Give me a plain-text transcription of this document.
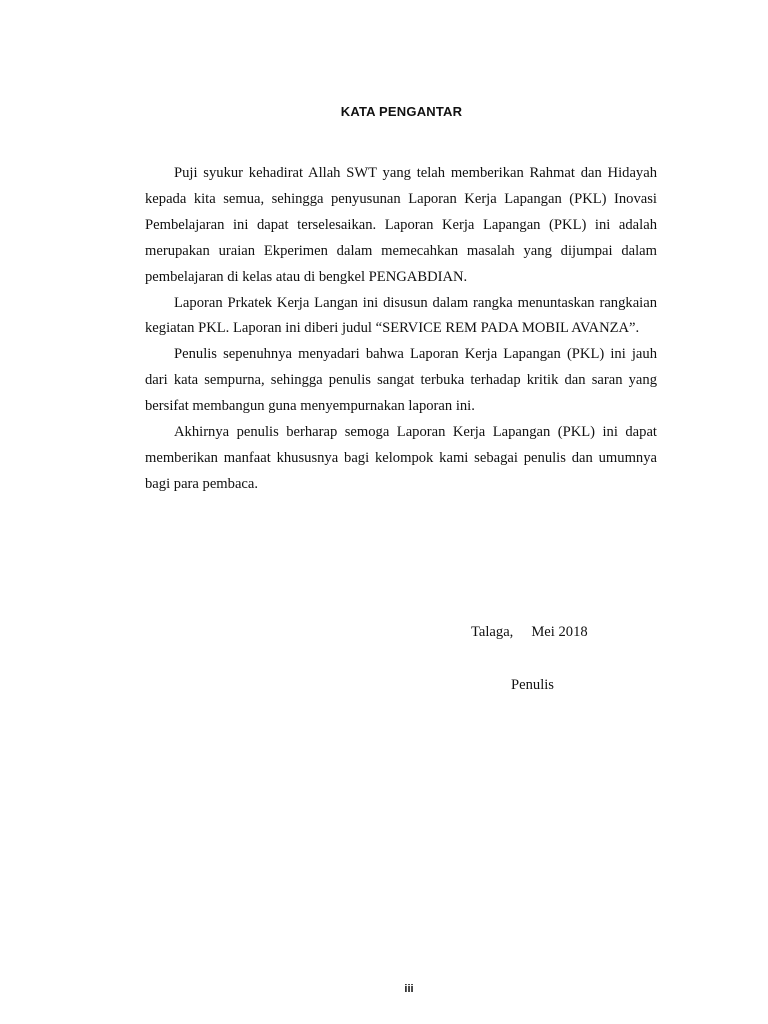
KATA PENGANTAR

Puji syukur kehadirat Allah SWT yang telah memberikan Rahmat dan Hidayah kepada kita semua, sehingga penyusunan Laporan Kerja Lapangan (PKL) Inovasi Pembelajaran ini dapat terselesaikan. Laporan Kerja Lapangan (PKL) ini adalah merupakan uraian Ekperimen dalam memecahkan masalah yang dijumpai dalam pembelajaran di kelas atau di bengkel PENGABDIAN.

Laporan Prkatek Kerja Langan ini disusun dalam rangka menuntaskan rangkaian kegiatan PKL. Laporan ini diberi judul “SERVICE REM PADA MOBIL AVANZA”.

Penulis sepenuhnya menyadari bahwa Laporan Kerja Lapangan (PKL) ini jauh dari kata sempurna, sehingga penulis sangat terbuka terhadap kritik dan saran yang bersifat membangun guna menyempurnakan laporan ini.

Akhirnya penulis berharap semoga Laporan Kerja Lapangan (PKL) ini dapat memberikan manfaat khususnya bagi kelompok kami sebagai penulis dan umumnya bagi para pembaca.

Talaga, Mei 2018
Penulis
iii
